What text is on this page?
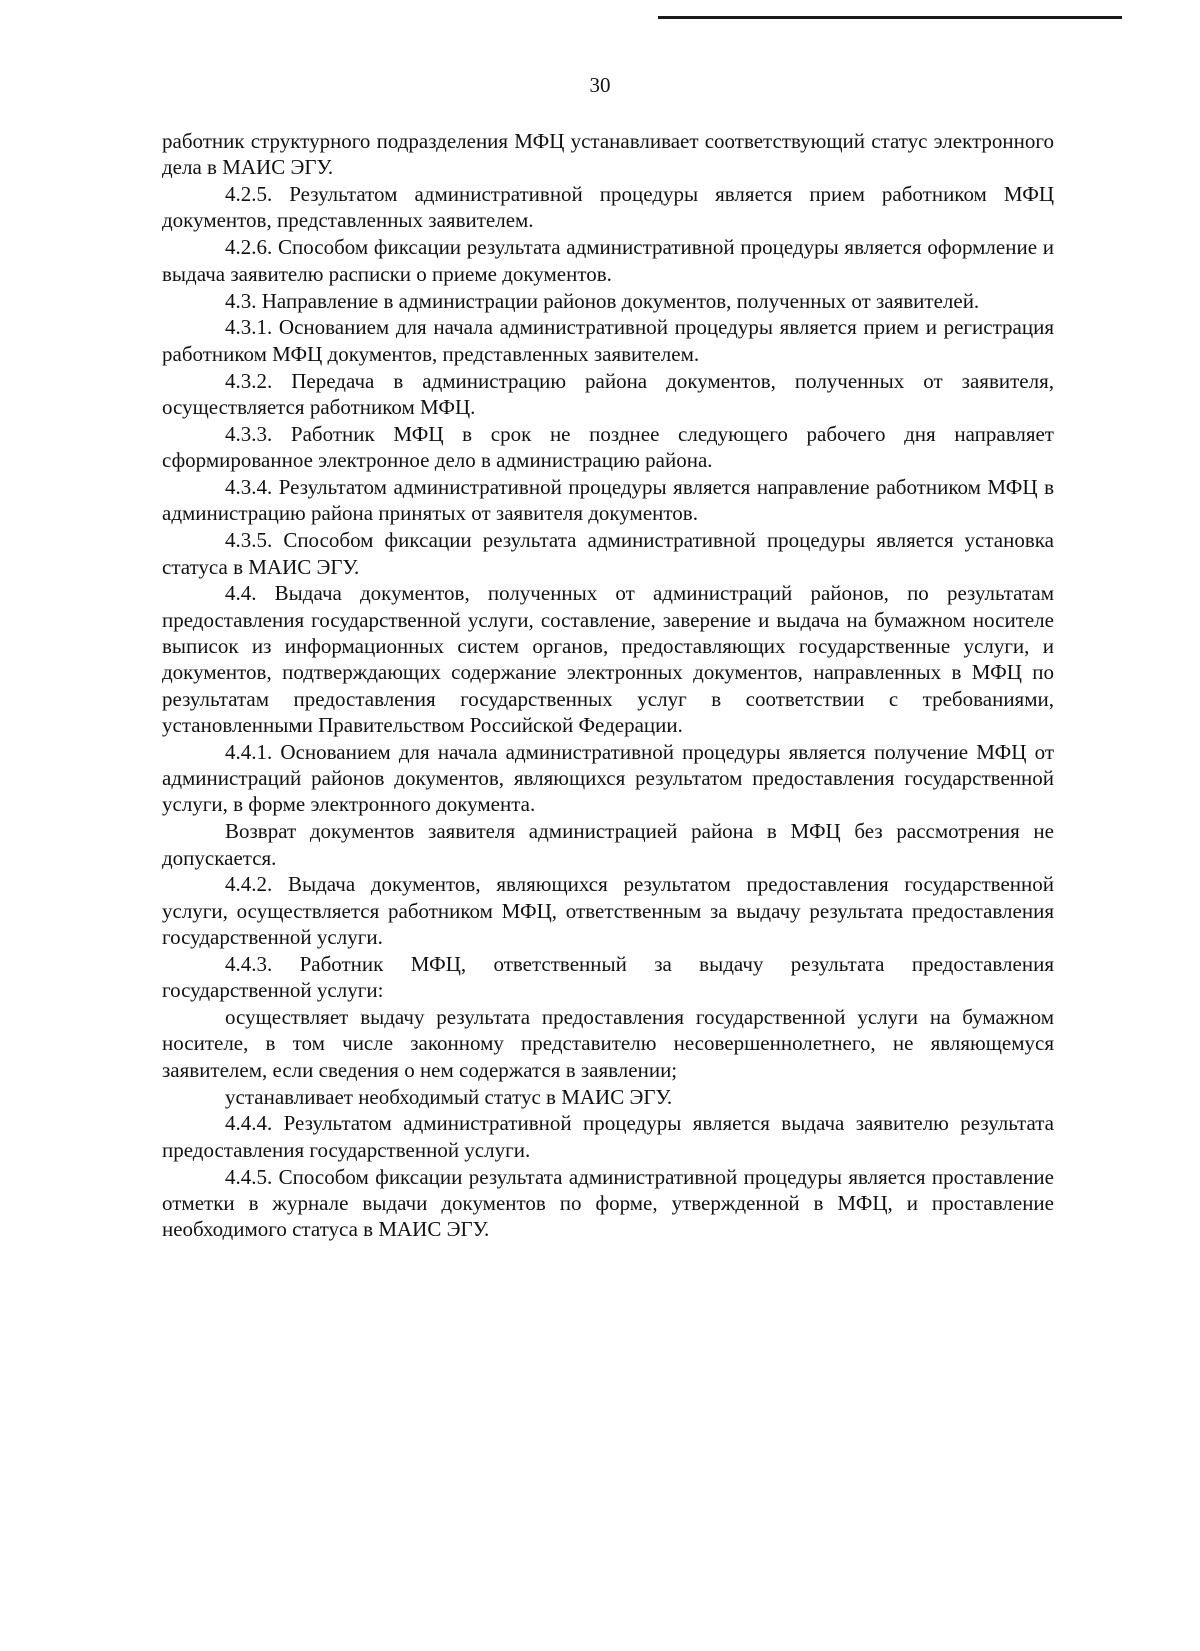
30

работник структурного подразделения МФЦ устанавливает соответствующий статус электронного дела в МАИС ЭГУ.

4.2.5. Результатом административной процедуры является прием работником МФЦ документов, представленных заявителем.

4.2.6. Способом фиксации результата административной процедуры является оформление и выдача заявителю расписки о приеме документов.

4.3. Направление в администрации районов документов, полученных от заявителей.

4.3.1. Основанием для начала административной процедуры является прием и регистрация работником МФЦ документов, представленных заявителем.

4.3.2. Передача в администрацию района документов, полученных от заявителя, осуществляется работником МФЦ.

4.3.3. Работник МФЦ в срок не позднее следующего рабочего дня направляет сформированное электронное дело в администрацию района.

4.3.4. Результатом административной процедуры является направление работником МФЦ в администрацию района принятых от заявителя документов.

4.3.5. Способом фиксации результата административной процедуры является установка статуса в МАИС ЭГУ.

4.4. Выдача документов, полученных от администраций районов, по результатам предоставления государственной услуги, составление, заверение и выдача на бумажном носителе выписок из информационных систем органов, предоставляющих государственные услуги, и документов, подтверждающих содержание электронных документов, направленных в МФЦ по результатам предоставления государственных услуг в соответствии с требованиями, установленными Правительством Российской Федерации.

4.4.1. Основанием для начала административной процедуры является получение МФЦ от администраций районов документов, являющихся результатом предоставления государственной услуги, в форме электронного документа.

Возврат документов заявителя администрацией района в МФЦ без рассмотрения не допускается.

4.4.2. Выдача документов, являющихся результатом предоставления государственной услуги, осуществляется работником МФЦ, ответственным за выдачу результата предоставления государственной услуги.

4.4.3. Работник МФЦ, ответственный за выдачу результата предоставления государственной услуги:

осуществляет выдачу результата предоставления государственной услуги на бумажном носителе, в том числе законному представителю несовершеннолетнего, не являющемуся заявителем, если сведения о нем содержатся в заявлении;

устанавливает необходимый статус в МАИС ЭГУ.

4.4.4. Результатом административной процедуры является выдача заявителю результата предоставления государственной услуги.

4.4.5. Способом фиксации результата административной процедуры является проставление отметки в журнале выдачи документов по форме, утвержденной в МФЦ, и проставление необходимого статуса в МАИС ЭГУ.
